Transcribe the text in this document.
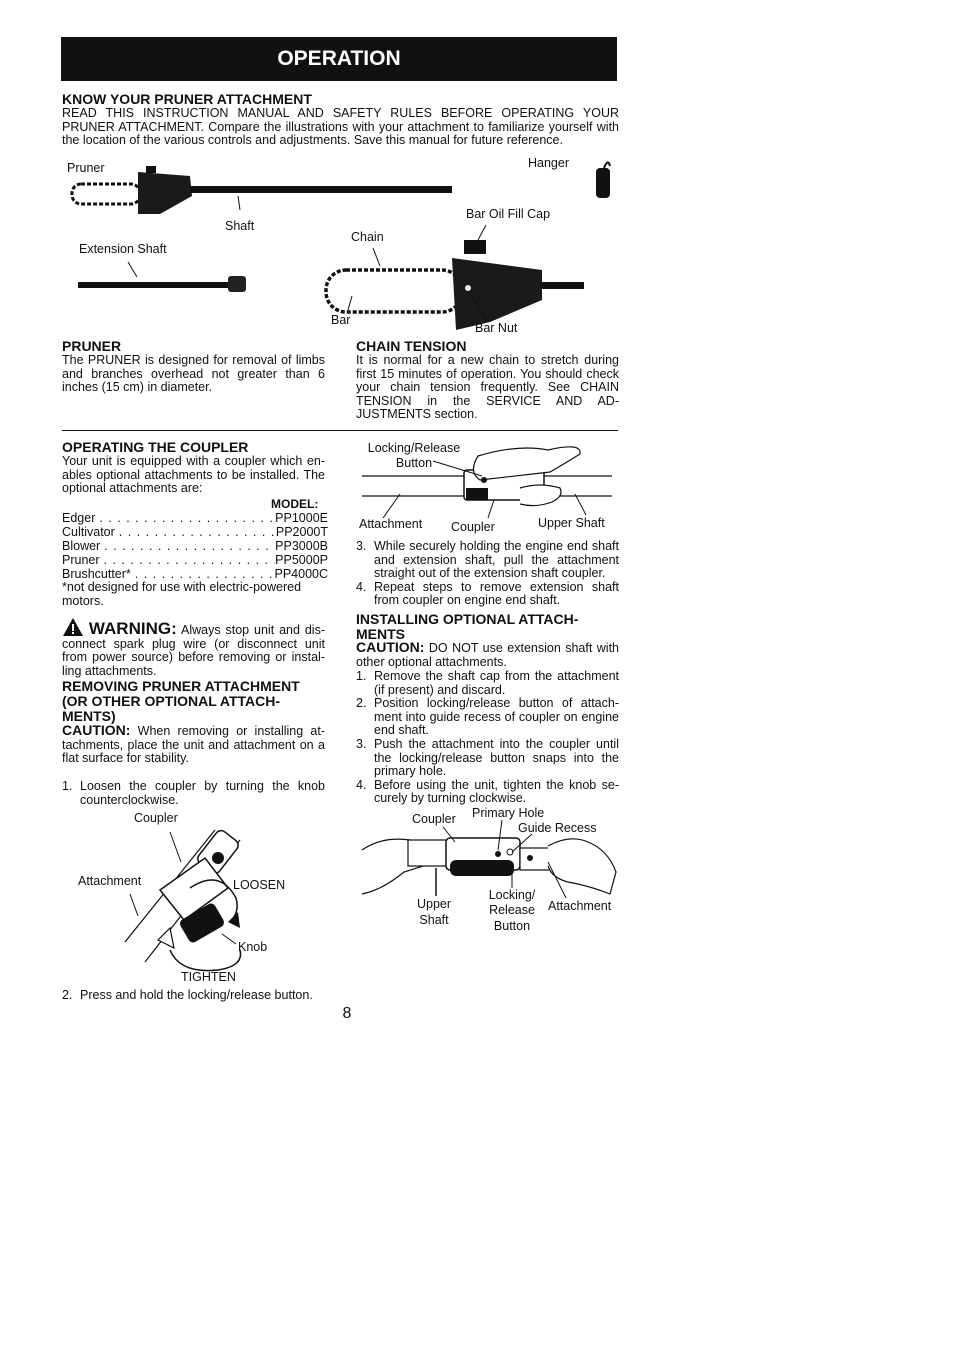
OPERATION
KNOW YOUR PRUNER ATTACHMENT
READ THIS INSTRUCTION MANUAL AND SAFETY RULES BEFORE OPERATING YOUR PRUNER ATTACHMENT. Compare the illustrations with your attachment to familiarize yourself with the location of the various controls and adjustments. Save this manual for future reference.
Pruner
Shaft
Hanger
Bar Oil Fill Cap
Extension Shaft
Chain
Bar
Bar Nut
PRUNER
The PRUNER is designed for removal of limbs and branches overhead not greater than 6 inches (15 cm) in diameter.
CHAIN TENSION
It is normal for a new chain to stretch during first 15 minutes of operation. You should check your chain tension frequently. See CHAIN TENSION in the SERVICE AND AD-JUSTMENTS section.
OPERATING THE COUPLER
Your unit is equipped with a coupler which en-ables optional attachments to be installed. The optional attachments are:
MODEL:
Edger . . .	PP1000E
Cultivator . . .	PP2000T
Blower . . .	PP3000B
Pruner . . .	PP5000P
Brushcutter* . . .	PP4000C
*not designed for use with electric-powered motors.
WARNING: Always stop unit and dis-connect spark plug wire (or disconnect unit from power source) before removing or instal-ling attachments.
REMOVING PRUNER ATTACHMENT (OR OTHER OPTIONAL ATTACH-MENTS)
CAUTION: When removing or installing at-tachments, place the unit and attachment on a flat surface for stability.
1. Loosen the coupler by turning the knob counterclockwise.
Coupler
Attachment	LOOSEN
Knob
TIGHTEN
2. Press and hold the locking/release button.
Locking/Release
Button
Attachment Coupler	Upper Shaft
3. While securely holding the engine end shaft and extension shaft, pull the attachment straight out of the extension shaft coupler.
4. Repeat steps to remove extension shaft from coupler on engine end shaft.
INSTALLING OPTIONAL ATTACH-MENTS
CAUTION: DO NOT use extension shaft with other optional attachments.
1. Remove the shaft cap from the attachment (if present) and discard.
2. Position locking/release button of attach-ment into guide recess of coupler on engine end shaft.
3. Push the attachment into the coupler until the locking/release button snaps into the primary hole.
4. Before using the unit, tighten the knob se-curely by turning clockwise.
Coupler Primary Hole
Guide Recess
Upper
Shaft
Locking/
Release
Button
Attachment
8
